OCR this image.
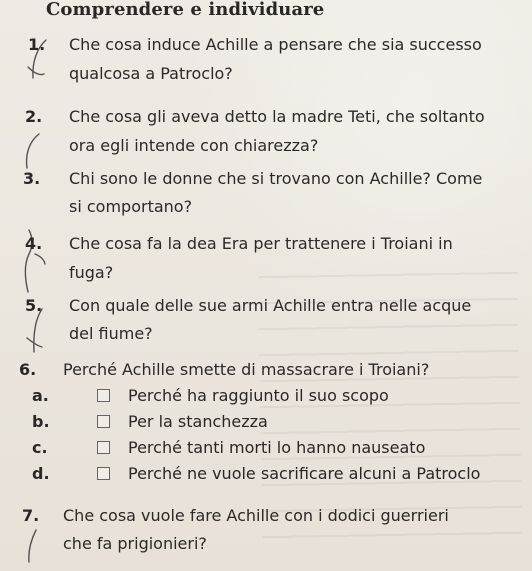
Comprendere e individuare
1. Che cosa induce Achille a pensare che sia successo
qualcosa a Patroclo?
2. Che cosa gli aveva detto la madre Teti, che soltanto
ora egli intende con chiarezza?
3. Chi sono le donne che si trovano con Achille? Come
si comportano?
4. Che cosa fa la dea Era per trattenere i Troiani in
fuga?
5. Con quale delle sue armi Achille entra nelle acque
del fiume?
6. Perché Achille smette di massacrare i Troiani?
a.	Perché ha raggiunto il suo scopo
b.	Per la stanchezza
c.	Perché tanti morti lo hanno nauseato
d.	Perché ne vuole sacrificare alcuni a Patroclo
7. Che cosa vuole fare Achille con i dodici guerrieri
che fa prigionieri?
